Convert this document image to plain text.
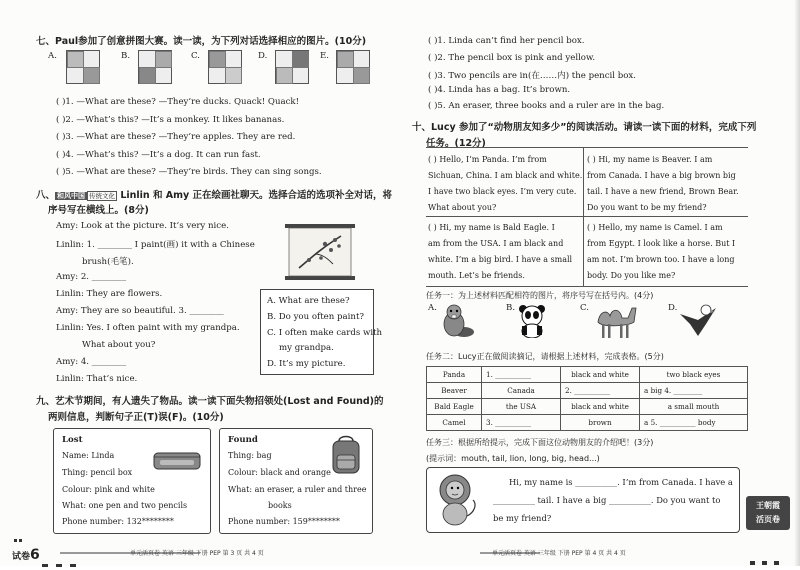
七、Paul参加了创意拼图大赛。读一读，为下列对话选择相应的图片。(10分)
A.	B.	C.	D.	E.
( )1. —What are these? —They’re ducks. Quack! Quack!
( )2. —What’s this? —It’s a monkey. It likes bananas.
( )3. —What are these? —They’re apples. They are red.
( )4. —What’s this? —It’s a dog. It can run fast.
( )5. —What are these? —They’re birds. They can sing songs.
八、 和风中国 传统文化 Linlin 和 Amy 正在绘画社聊天。选择合适的选项补全对话，将
序号写在横线上。(8分)
Amy: Look at the picture. It’s very nice.
Linlin: 1. ________ I paint(画) it with a Chinese
brush(毛笔).
Amy: 2. ________
Linlin: They are flowers.
Amy: They are so beautiful. 3. ________
Linlin: Yes. I often paint with my grandpa.
What about you?
Amy: 4. ________
Linlin: That’s nice.
A. What are these?
B. Do you often paint?
C. I often make cards with
my grandpa.
D. It’s my picture.
九、艺术节期间，有人遗失了物品。读一读下面失物招领处(Lost and Found)的
两则信息，判断句子正(T)误(F)。(10分)
Lost
Name: Linda
Thing: pencil box
Colour: pink and white
What: one pen and two pencils
Phone number: 132********
Found
Thing: bag
Colour: black and orange
What: an eraser, a ruler and three
books
Phone number: 159********
试卷6	单元活页卷 英语 三年级 下册 PEP 第 3 页 共 4 页
( )1. Linda can’t find her pencil box.
( )2. The pencil box is pink and yellow.
( )3. Two pencils are in(在……内) the pencil box.
( )4. Linda has a bag. It’s brown.
( )5. An eraser, three books and a ruler are in the bag.
十、Lucy 参加了“动物朋友知多少”的阅读活动。请读一读下面的材料，完成下列
任务。(12分)
( ) Hello, I’m Panda. I’m from
Sichuan, China. I am black and white.
I have two black eyes. I’m very cute.
What about you?
( ) Hi, my name is Beaver. I am
from Canada. I have a big brown big
tail. I have a new friend, Brown Bear.
Do you want to be my friend?
( ) Hi, my name is Bald Eagle. I
am from the USA. I am black and
white. I’m a big bird. I have a small
mouth. Let’s be friends.
( ) Hello, my name is Camel. I am
from Egypt. I look like a horse. But I
am not. I’m brown too. I have a long
body. Do you like me?
任务一：为上述材料匹配相符的图片，将序号写在括号内。(4分)
A.	B.	C.	D.
任务二：Lucy正在做阅读摘记，请根据上述材料，完成表格。(5分)
Panda	1. __________	black and white	two black eyes
Beaver	Canada	2. __________	a big 4. ________
Bald Eagle	the USA	black and white	a small mouth
Camel	3. __________	brown	a 5. __________ body
任务三：根据所给提示，完成下面这位动物朋友的介绍吧！(3分)
(提示词：mouth, tail, lion, long, big, head...)
Hi, my name is __________. I’m from Canada. I have a
__________ tail. I have a big __________. Do you want to
be my friend?
王朝霞
活页卷
单元活页卷 英语 三年级 下册 PEP 第 4 页 共 4 页
